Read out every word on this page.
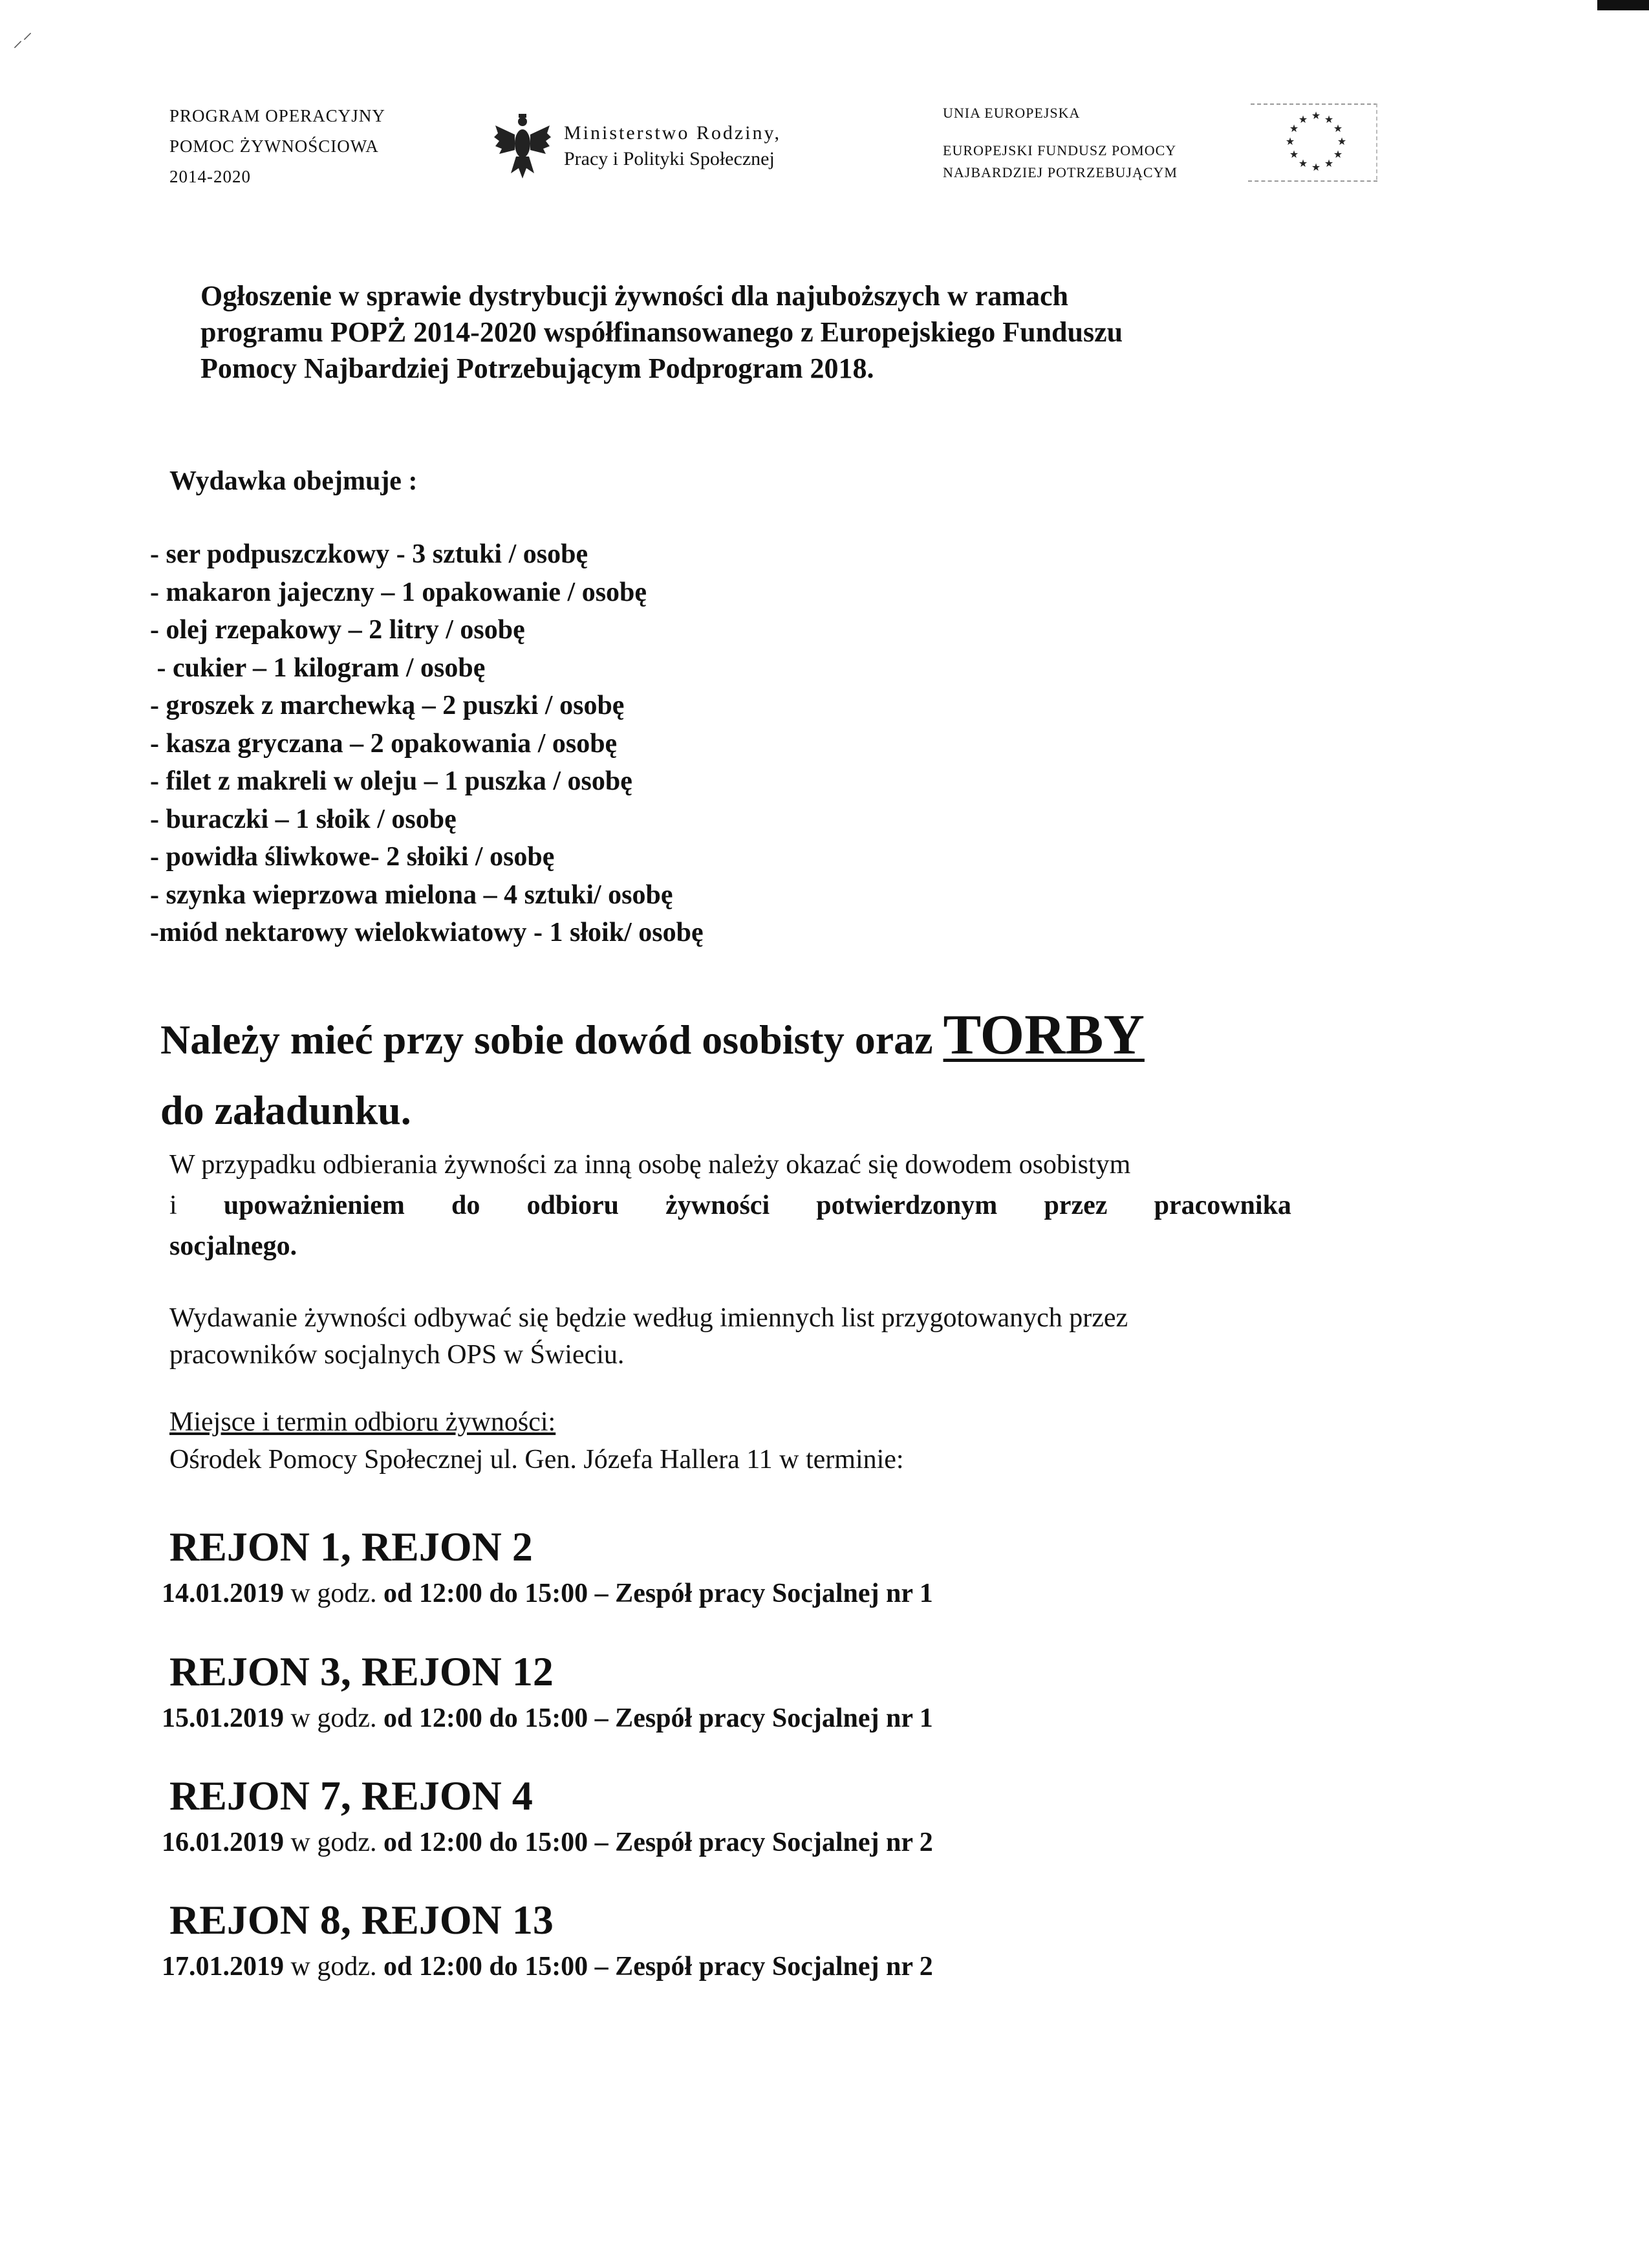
⸝⸍
PROGRAM OPERACYJNY
POMOC ŻYWNOŚCIOWA
2014-2020
Ministerstwo Rodziny,
Pracy i Polityki Społecznej
UNIA EUROPEJSKA
EUROPEJSKI FUNDUSZ POMOCY
NAJBARDZIEJ POTRZEBUJĄCYM
★ ★
★
★
★
★
★
★
★
★
★
★
Ogłoszenie w sprawie dystrybucji żywności dla najuboższych w ramach
programu POPŻ 2014-2020 współfinansowanego z Europejskiego Funduszu
Pomocy Najbardziej Potrzebującym Podprogram 2018.
Wydawka obejmuje :
- ser podpuszczkowy - 3 sztuki / osobę
- makaron jajeczny – 1 opakowanie / osobę
- olej rzepakowy – 2 litry / osobę
- cukier – 1 kilogram / osobę
- groszek z marchewką – 2 puszki / osobę
- kasza gryczana – 2 opakowania / osobę
- filet z makreli w oleju – 1 puszka / osobę
- buraczki – 1 słoik / osobę
- powidła śliwkowe- 2 słoiki / osobę
- szynka wieprzowa mielona – 4 sztuki/ osobę
-miód nektarowy wielokwiatowy - 1 słoik/ osobę
Należy mieć przy sobie dowód osobisty oraz TORBY
do załadunku.
W przypadku odbierania żywności za inną osobę należy okazać się dowodem osobistym
i upoważnieniem do odbioru żywności potwierdzonym przez pracownika
socjalnego.
Wydawanie żywności odbywać się będzie według imiennych list przygotowanych przez
pracowników socjalnych OPS w Świeciu.
Miejsce i termin odbioru żywności:
Ośrodek Pomocy Społecznej ul. Gen. Józefa Hallera 11 w terminie:
REJON 1, REJON 2
14.01.2019 w godz. od 12:00 do 15:00 – Zespół pracy Socjalnej nr 1
REJON 3, REJON 12
15.01.2019 w godz. od 12:00 do 15:00 – Zespół pracy Socjalnej nr 1
REJON 7, REJON 4
16.01.2019 w godz. od 12:00 do 15:00 – Zespół pracy Socjalnej nr 2
REJON 8, REJON 13
17.01.2019 w godz. od 12:00 do 15:00 – Zespół pracy Socjalnej nr 2
